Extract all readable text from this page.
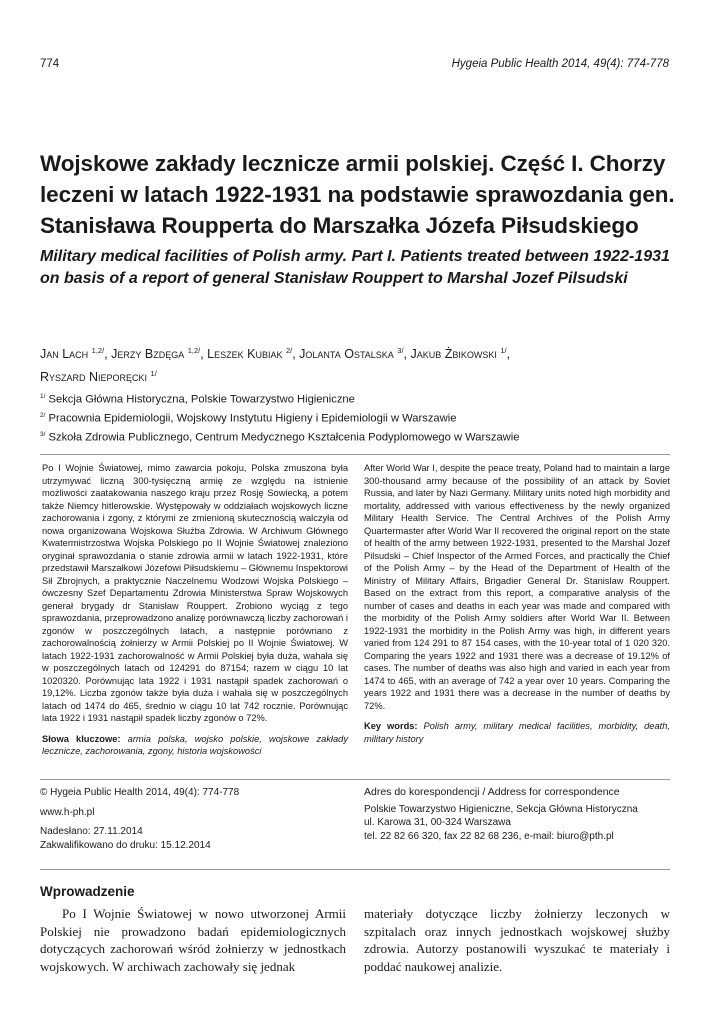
774	Hygeia Public Health 2014, 49(4): 774-778
Wojskowe zakłady lecznicze armii polskiej. Część I. Chorzy leczeni w latach 1922-1931 na podstawie sprawozdania gen. Stanisława Roupperta do Marszałka Józefa Piłsudskiego
Military medical facilities of Polish army. Part I. Patients treated between 1922-1931 on basis of a report of general Stanisław Rouppert to Marshal Jozef Pilsudski
Jan Lach $^{1,2/}$, Jerzy Bzdęga $^{1,2/}$, Leszek Kubiak $^{2/}$, Jolanta Ostalska $^{3/}$, Jakub Żbikowski $^{1/}$,
Ryszard Nieporęcki $^{1/}$
$^{1/}$ Sekcja Główna Historyczna, Polskie Towarzystwo Higieniczne
$^{2/}$ Pracownia Epidemiologii, Wojskowy Instytutu Higieny i Epidemiologii w Warszawie
$^{3/}$ Szkoła Zdrowia Publicznego, Centrum Medycznego Kształcenia Podyplomowego w Warszawie
Po I Wojnie Światowej, mimo zawarcia pokoju, Polska zmuszona była utrzymywać liczną 300-tysięczną armię ze względu na istnienie możliwości zaatakowania naszego kraju przez Rosję Sowiecką, a potem także Niemcy hitlerowskie. Występowały w oddziałach wojskowych liczne zachorowania i zgony, z którymi ze zmienioną skutecznością walczyła od nowa organizowana Wojskowa Służba Zdrowia. W Archiwum Głównego Kwatermistrzostwa Wojska Polskiego po II Wojnie Światowej znaleziono oryginał sprawozdania o stanie zdrowia armii w latach 1922-1931, które przedstawił Marszałkowi Józefowi Piłsudskiemu – Głównemu Inspektorowi Sił Zbrojnych, a praktycznie Naczelnemu Wodzowi Wojska Polskiego – ówczesny Szef Departamentu Zdrowia Ministerstwa Spraw Wojskowych generał brygady dr Stanisław Rouppert. Zrobiono wyciąg z tego sprawozdania, przeprowadzono analizę porównawczą liczby zachorowań i zgonów w poszczególnych latach, a następnie porównano z zachorowalnością żołnierzy w Armii Polskiej po II Wojnie Światowej. W latach 1922-1931 zachorowalność w Armii Polskiej była duża, wahała się w poszczególnych latach od 124291 do 87154; razem w ciągu 10 lat 1020320. Porównując lata 1922 i 1931 nastąpił spadek zachorowań o 19,12%. Liczba zgonów także była duża i wahała się w poszczególnych latach od 1474 do 465, średnio w ciągu 10 lat 742 rocznie. Porównując lata 1922 i 1931 nastąpił spadek liczby zgonów o 72%.
Słowa kluczowe: armia polska, wojsko polskie, wojskowe zakłady lecznicze, zachorowania, zgony, historia wojskowości
After World War I, despite the peace treaty, Poland had to maintain a large 300-thousand army because of the possibility of an attack by Soviet Russia, and later by Nazi Germany. Military units noted high morbidity and mortality, addressed with various effectiveness by the newly organized Military Health Service. The Central Archives of the Polish Army Quartermaster after World War II recovered the original report on the state of health of the army between 1922-1931, presented to the Marshal Jozef Pilsudski – Chief Inspector of the Armed Forces, and practically the Chief of the Polish Army – by the Head of the Department of Health of the Ministry of Military Affairs, Brigadier General Dr. Stanislaw Rouppert. Based on the extract from this report, a comparative analysis of the number of cases and deaths in each year was made and compared with the morbidity of the Polish Army soldiers after World War II. Between 1922-1931 the morbidity in the Polish Army was high, in different years varied from 124 291 to 87 154 cases, with the 10-year total of 1 020 320. Comparing the years 1922 and 1931 there was a decrease of 19.12% of cases. The number of deaths was also high and varied in each year from 1474 to 465, with an average of 742 a year over 10 years. Comparing the years 1922 and 1931 there was a decrease in the number of deaths by 72%.
Key words: Polish army, military medical facilities, morbidity, death, military history
© Hygeia Public Health 2014, 49(4): 774-778
www.h-ph.pl
Nadesłano: 27.11.2014
Zakwalifikowano do druku: 15.12.2014
Adres do korespondencji / Address for correspondence
Polskie Towarzystwo Higieniczne, Sekcja Główna Historyczna
ul. Karowa 31, 00-324 Warszawa
tel. 22 82 66 320, fax 22 82 68 236, e-mail: biuro@pth.pl
Wprowadzenie
Po I Wojnie Światowej w nowo utworzonej Armii Polskiej nie prowadzono badań epidemiologicznych dotyczących zachorowań wśród żołnierzy w jednostkach wojskowych. W archiwach zachowały się jednak
materiały dotyczące liczby żołnierzy leczonych w szpitalach oraz innych jednostkach wojskowej służby zdrowia. Autorzy postanowili wyszukać te materiały i poddać naukowej analizie.
